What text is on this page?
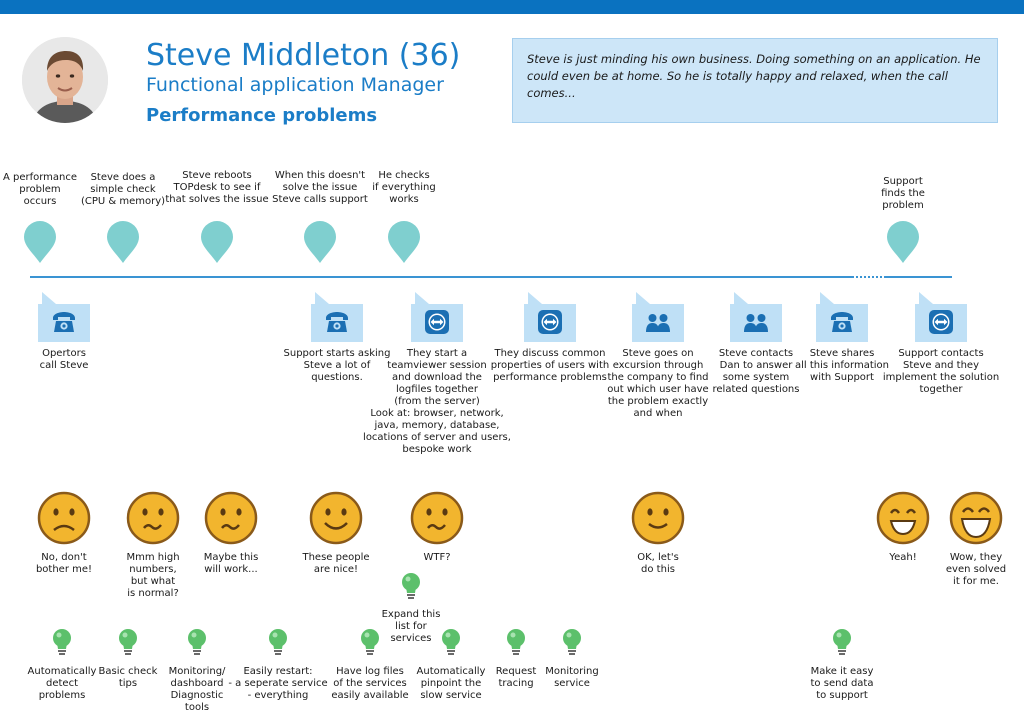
Steve Middleton (36)
Functional application Manager
Performance problems
Steve is just minding his own business. Doing something on an application. He could even be at home. So he is totally happy and relaxed, when the call comes...
A performance
problem
occurs
Steve does a
simple check
(CPU & memory)
Steve reboots
TOPdesk to see if
that solves the issue
When this doesn't
solve the issue
Steve calls support
He checks
if everything
works
Support
finds the
problem
Opertors
call Steve
Support starts asking
Steve a lot of
questions.
They start a
teamviewer session
and download the
logfiles together
(from the server)
Look at: browser, network,
java, memory, database,
locations of server and users,
bespoke work
They discuss common
properties of users with
performance problems
Steve goes on
excursion through
the company to find
out which user have
the problem exactly
and when
Steve contacts
Dan to answer
some system
related questions
Steve shares
all this information
with Support
Support contacts
Steve and they
implement the solution
together
No, don't
bother me!
Mmm high
numbers,
but what
is normal?
Maybe this
will work...
These people
are nice!
WTF?	OK, let's
do this
Yeah!	Wow, they
even solved
it for me.
Automatically
detect
problems
Basic check
tips
Monitoring/
dashboard
Diagnostic
tools
Easily restart:
- a seperate service
- everything
Have log files
of the services
easily available
Expand this
list for
services
Automatically
pinpoint the
slow service
Request
tracing
Monitoring
service
Make it easy
to send data
to support
